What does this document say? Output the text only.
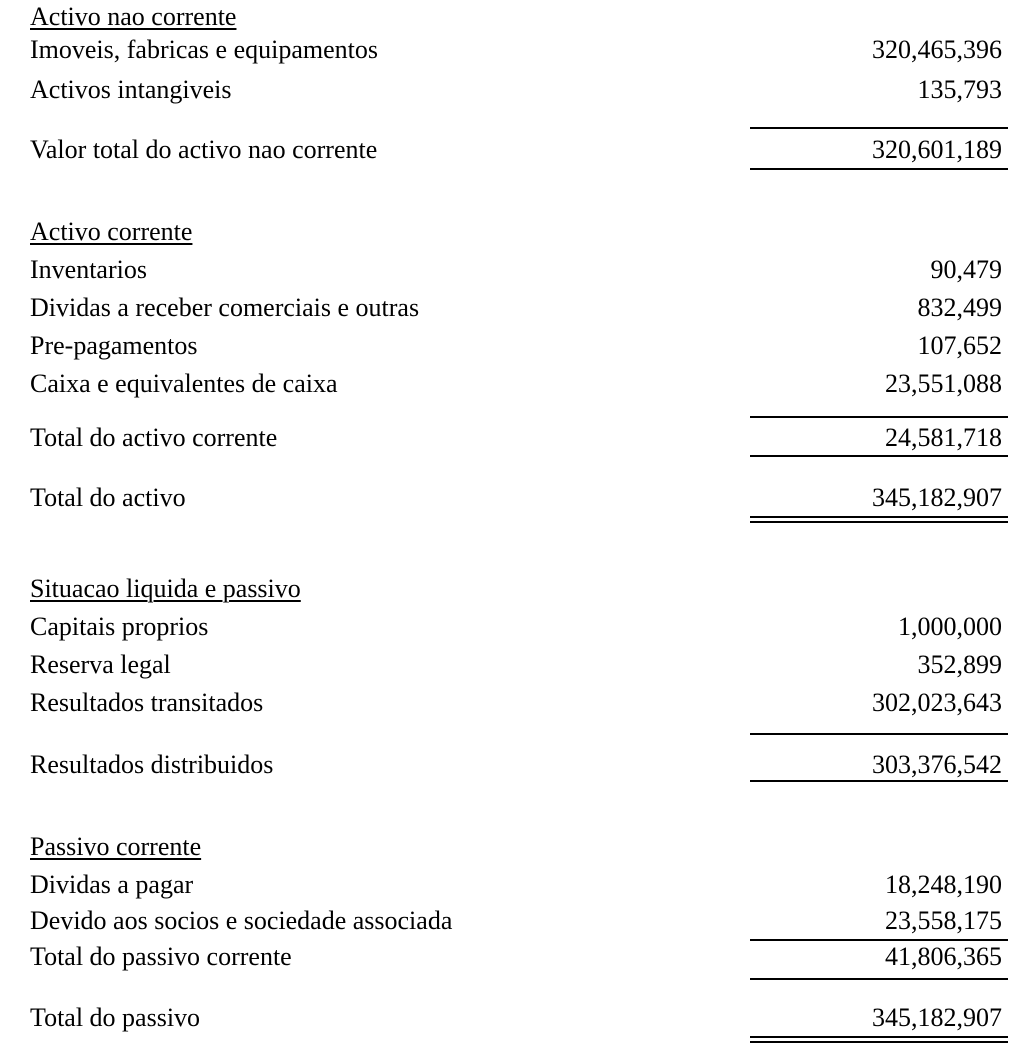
Activo nao corrente
Imoveis, fabricas e equipamentos	320,465,396
Activos intangiveis	135,793
Valor total do activo nao corrente	320,601,189
Activo corrente
Inventarios	90,479
Dividas a receber comerciais e outras	832,499
Pre-pagamentos	107,652
Caixa e equivalentes de caixa	23,551,088
Total do activo corrente	24,581,718
Total do activo	345,182,907
Situacao liquida e passivo
Capitais proprios	1,000,000
Reserva legal	352,899
Resultados transitados	302,023,643
Resultados distribuidos	303,376,542
Passivo corrente
Dividas a pagar	18,248,190
Devido aos socios e sociedade associada	23,558,175
Total do passivo corrente	41,806,365
Total do passivo	345,182,907
